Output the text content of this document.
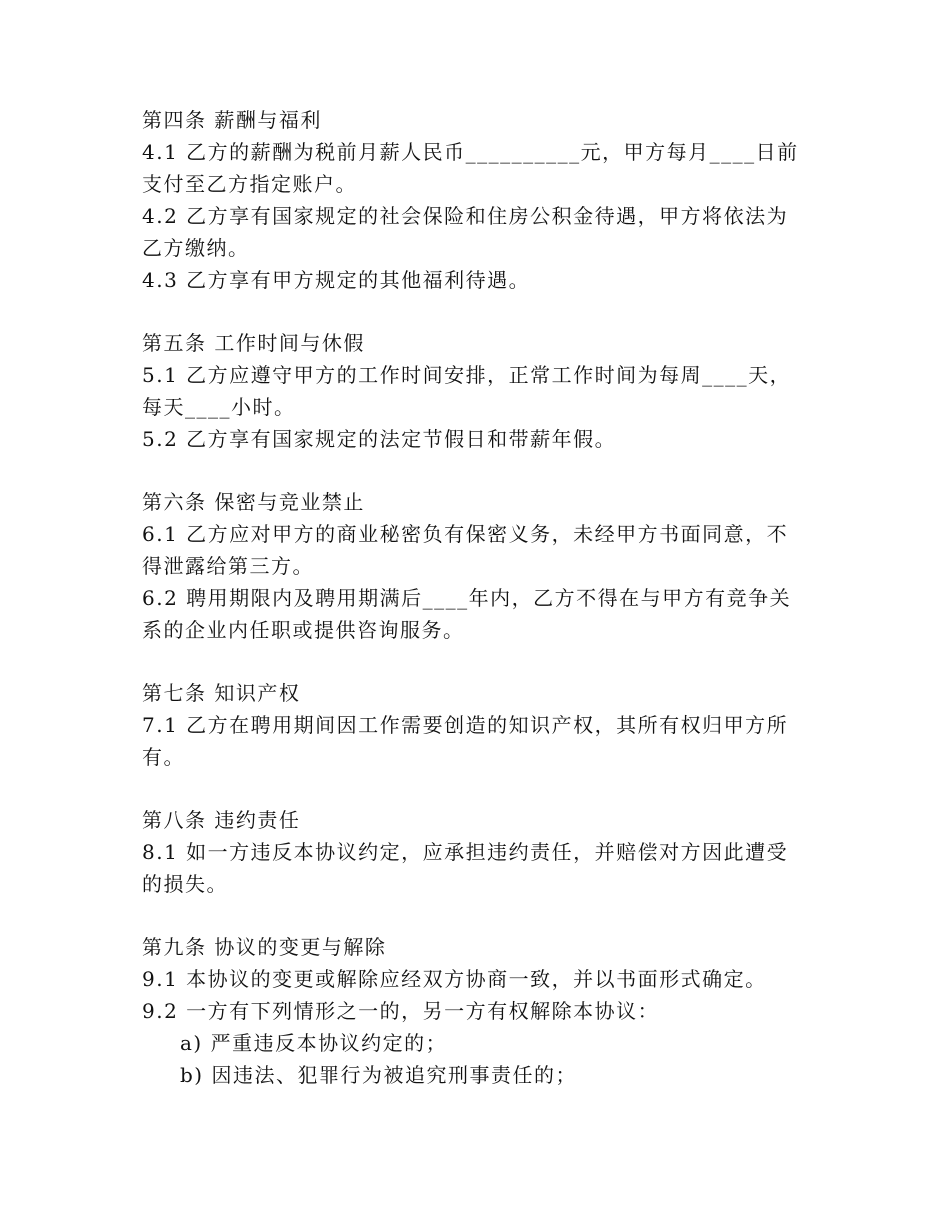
第四条 薪酬与福利
4.1 乙方的薪酬为税前月薪人民币__________元，甲方每月____日前
支付至乙方指定账户。
4.2 乙方享有国家规定的社会保险和住房公积金待遇，甲方将依法为
乙方缴纳。
4.3 乙方享有甲方规定的其他福利待遇。
第五条 工作时间与休假
5.1 乙方应遵守甲方的工作时间安排，正常工作时间为每周____天，
每天____小时。
5.2 乙方享有国家规定的法定节假日和带薪年假。
第六条 保密与竞业禁止
6.1 乙方应对甲方的商业秘密负有保密义务，未经甲方书面同意，不
得泄露给第三方。
6.2 聘用期限内及聘用期满后____年内，乙方不得在与甲方有竞争关
系的企业内任职或提供咨询服务。
第七条 知识产权
7.1 乙方在聘用期间因工作需要创造的知识产权，其所有权归甲方所
有。
第八条 违约责任
8.1 如一方违反本协议约定，应承担违约责任，并赔偿对方因此遭受
的损失。
第九条 协议的变更与解除
9.1 本协议的变更或解除应经双方协商一致，并以书面形式确定。
9.2 一方有下列情形之一的，另一方有权解除本协议：
a) 严重违反本协议约定的；
b) 因违法、犯罪行为被追究刑事责任的；
